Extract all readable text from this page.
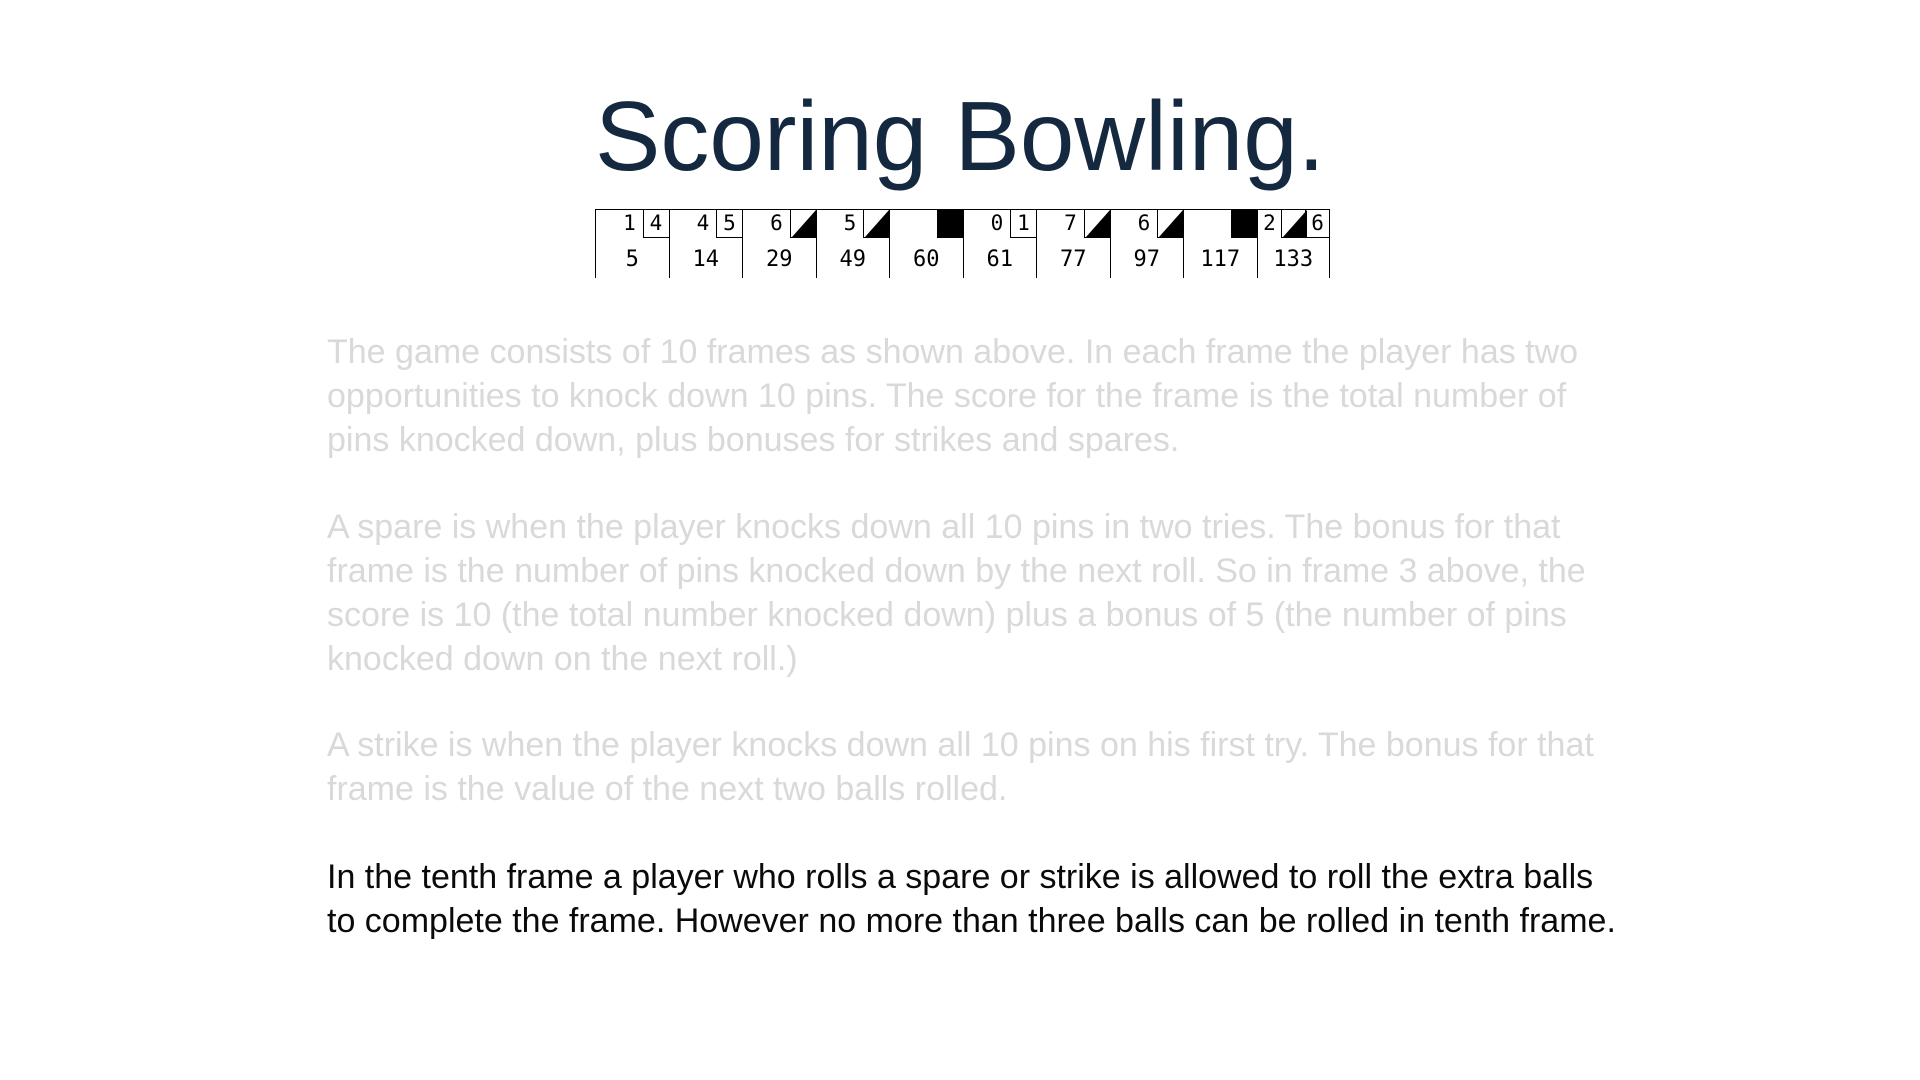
Scoring Bowling.
1 4
5
4 5
14
6
29
5
49	60
0 1
61
7
77
6
97	117
2 6
133

The game consists of 10 frames as shown above. In each frame the player has two opportunities to knock down 10 pins. The score for the frame is the total number of pins knocked down, plus bonuses for strikes and spares.

A spare is when the player knocks down all 10 pins in two tries. The bonus for that frame is the number of pins knocked down by the next roll. So in frame 3 above, the score is 10 (the total number knocked down) plus a bonus of 5 (the number of pins knocked down on the next roll.)

A strike is when the player knocks down all 10 pins on his first try. The bonus for that frame is the value of the next two balls rolled.

In the tenth frame a player who rolls a spare or strike is allowed to roll the extra balls to complete the frame. However no more than three balls can be rolled in tenth frame.
